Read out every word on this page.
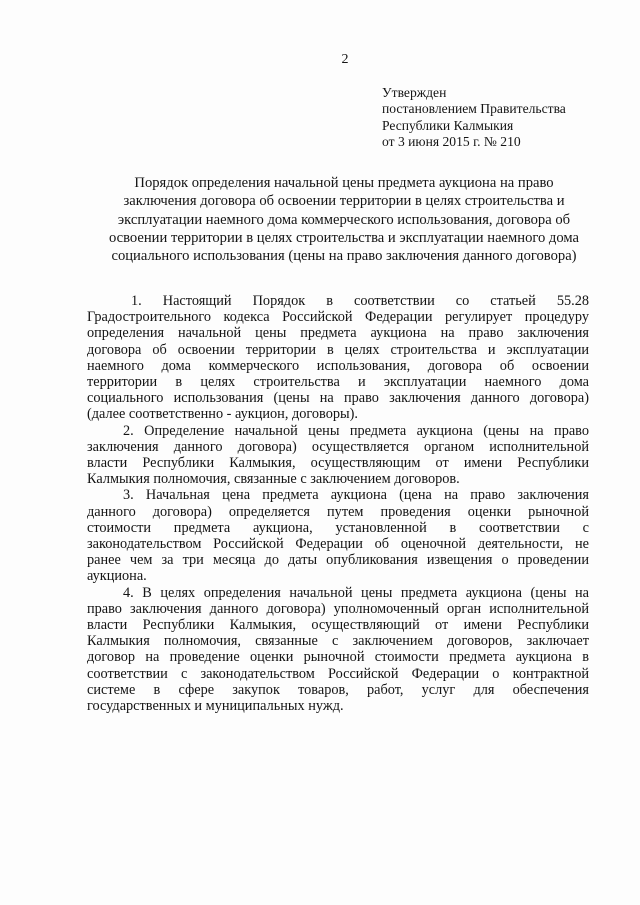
2
Утвержден
постановлением Правительства
Республики Калмыкия
от 3 июня 2015 г. № 210
Порядок определения начальной цены предмета аукциона на право
заключения договора об освоении территории в целях строительства и
эксплуатации наемного дома коммерческого использования, договора об
освоении территории в целях строительства и эксплуатации наемного дома
социального использования (цены на право заключения данного договора)
1. Настоящий Порядок в соответствии со статьей 55.28
Градостроительного кодекса Российской Федерации регулирует процедуру
определения начальной цены предмета аукциона на право заключения
договора об освоении территории в целях строительства и эксплуатации
наемного дома коммерческого использования, договора об освоении
территории в целях строительства и эксплуатации наемного дома
социального использования (цены на право заключения данного договора)
(далее соответственно - аукцион, договоры).
2. Определение начальной цены предмета аукциона (цены на право
заключения данного договора) осуществляется органом исполнительной
власти Республики Калмыкия, осуществляющим от имени Республики
Калмыкия полномочия, связанные с заключением договоров.
3. Начальная цена предмета аукциона (цена на право заключения
данного договора) определяется путем проведения оценки рыночной
стоимости предмета аукциона, установленной в соответствии с
законодательством Российской Федерации об оценочной деятельности, не
ранее чем за три месяца до даты опубликования извещения о проведении
аукциона.
4. В целях определения начальной цены предмета аукциона (цены на
право заключения данного договора) уполномоченный орган исполнительной
власти Республики Калмыкия, осуществляющий от имени Республики
Калмыкия полномочия, связанные с заключением договоров, заключает
договор на проведение оценки рыночной стоимости предмета аукциона в
соответствии с законодательством Российской Федерации о контрактной
системе в сфере закупок товаров, работ, услуг для обеспечения
государственных и муниципальных нужд.
